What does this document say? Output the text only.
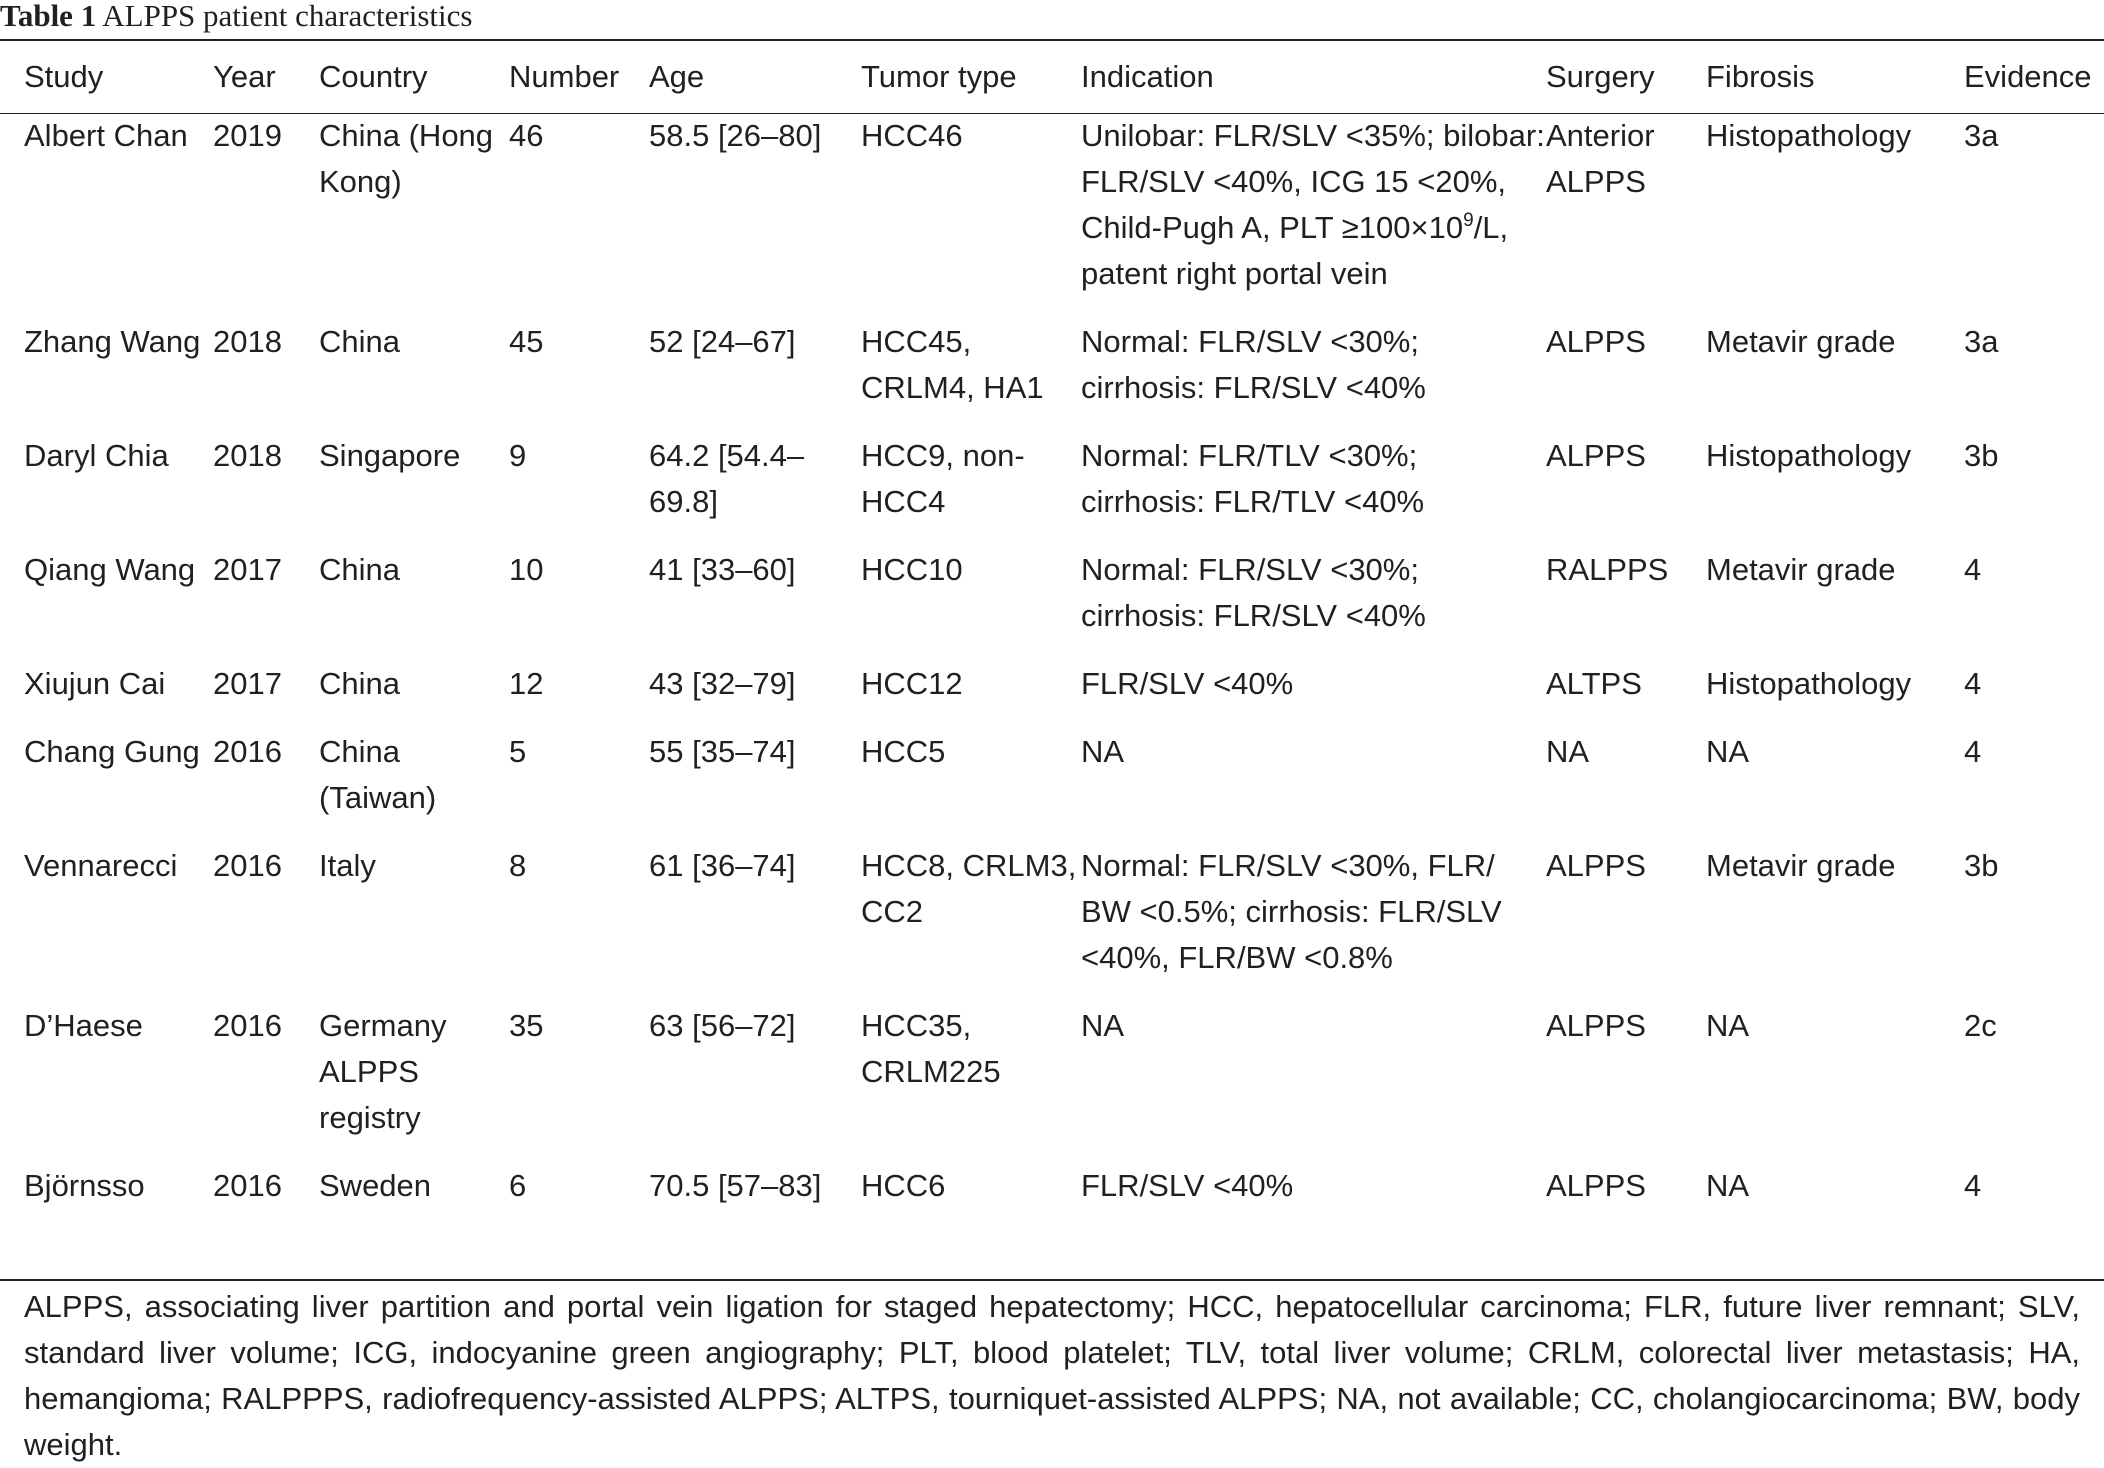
Table 1 ALPPS patient characteristics
Study	Year	Country	Number	Age	Tumor type	Indication	Surgery	Fibrosis	Evidence
Albert Chan	2019	China (Hong Kong)	46	58.5 [26–80]	HCC46	Unilobar: FLR/SLV <35%; bilobar: FLR/SLV <40%, ICG 15 <20%, Child-Pugh A, PLT $\ge 100\times 10^9/L$, patent right portal vein	Anterior ALPPS	Histopathology	3a
Zhang Wang	2018	China	45	52 [24–67]	HCC45, CRLM4, HA1	Normal: FLR/SLV <30%; cirrhosis: FLR/SLV <40%	ALPPS	Metavir grade	3a
Daryl Chia	2018	Singapore	9	64.2 [54.4–69.8]	HCC9, non-HCC4	Normal: FLR/TLV <30%; cirrhosis: FLR/TLV <40%	ALPPS	Histopathology	3b
Qiang Wang	2017	China	10	41 [33–60]	HCC10	Normal: FLR/SLV <30%; cirrhosis: FLR/SLV <40%	RALPPS	Metavir grade	4
Xiujun Cai	2017	China	12	43 [32–79]	HCC12	FLR/SLV <40%	ALTPS	Histopathology	4
Chang Gung	2016	China (Taiwan)	5	55 [35–74]	HCC5	NA	NA	NA	4
Vennarecci	2016	Italy	8	61 [36–74]	HCC8, CRLM3, CC2	Normal: FLR/SLV <30%, FLR/ BW <0.5%; cirrhosis: FLR/SLV <40%, FLR/BW <0.8%	ALPPS	Metavir grade	3b
D’Haese	2016	Germany ALPPS registry	35	63 [56–72]	HCC35, CRLM225	NA	ALPPS	NA	2c
Björnsso	2016	Sweden	6	70.5 [57–83]	HCC6	FLR/SLV <40%	ALPPS	NA	4
ALPPS, associating liver partition and portal vein ligation for staged hepatectomy; HCC, hepatocellular carcinoma; FLR, future liver remnant; SLV, standard liver volume; ICG, indocyanine green angiography; PLT, blood platelet; TLV, total liver volume; CRLM, colorectal liver metastasis; HA, hemangioma; RALPPPS, radiofrequency-assisted ALPPS; ALTPS, tourniquet-assisted ALPPS; NA, not available; CC, cholangiocarcinoma; BW, body weight.
